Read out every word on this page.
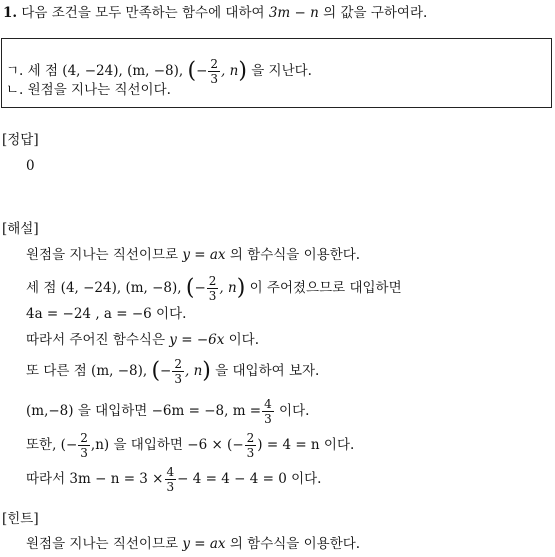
1. 다음 조건을 모두 만족하는 함수에 대하여 3m − n 의 값을 구하여라.
ㄱ. 세 점 (4, −24), (m, −8), (− $\frac{2}{3}$ , n) 을 지난다.
ㄴ. 원점을 지나는 직선이다.
[정답]
0
[해설]
원점을 지나는 직선이므로 y = ax 의 함수식을 이용한다.
세 점 (4, −24), (m, −8), (− $\frac{2}{3}$ , n) 이 주어졌으므로 대입하면
4a = −24 , a = −6 이다.
따라서 주어진 함수식은 y = −6x 이다.
또 다른 점 (m, −8), (− $\frac{2}{3}$ , n) 을 대입하여 보자.
(m,−8) 을 대입하면 −6m = −8, $m = \frac{4}{3}$ 이다.
또한, (− $\frac{2}{3} ,n$) 을 대입하면 −6 × (− $\frac{2}{3}$ ) = 4 = n 이다.
따라서 $3m - n = 3 \times \frac{4}{3} - 4 = 4 - 4 = 0$ 이다.
[힌트]
원점을 지나는 직선이므로 y = ax 의 함수식을 이용한다.
